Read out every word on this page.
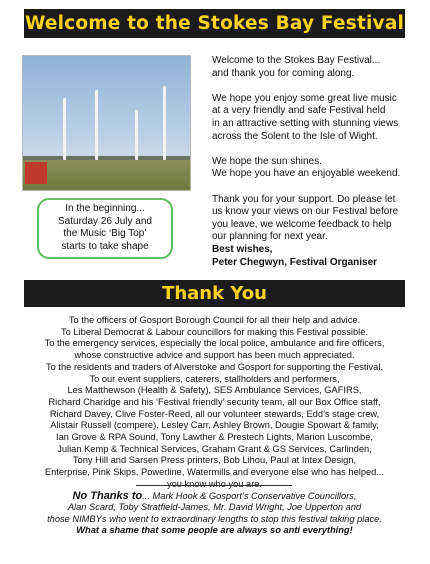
Welcome to the Stokes Bay Festival
In the beginning...
Saturday 26 July and
the Music ‘Big Top’
starts to take shape

Welcome to the Stokes Bay Festival...
and thank you for coming along.

We hope you enjoy some great live music
at a very friendly and safe Festival held
in an attractive setting with stunning views
across the Solent to the Isle of Wight.

We hope the sun shines.
We hope you have an enjoyable weekend.

Thank you for your support. Do please let
us know your views on our Festival before
you leave, we welcome feedback to help
our planning for next year.
Best wishes,
Peter Chegwyn, Festival Organiser

Thank You
To the officers of Gosport Borough Council for all their help and advice.
To Liberal Democrat & Labour councillors for making this Festival possible.
To the emergency services, especially the local police, ambulance and fire officers,
whose constructive advice and support has been much appreciated.
To the residents and traders of Alverstoke and Gosport for supporting the Festival.
To our event suppliers, caterers, stallholders and performers,
Les Matthewson (Health & Safety), SES Ambulance Services, GAFIRS,
Richard Charidge and his ‘Festival friendly’ security team, all our Box Office staff,
Richard Davey, Clive Foster-Reed, all our volunteer stewards, Edd’s stage crew,
Alistair Russell (compere), Lesley Carr, Ashley Brown, Dougie Spowart & family,
Ian Grove & RPA Sound, Tony Lawther & Prestech Lights, Marion Luscombe,
Julian Kemp & Technical Services, Graham Grant & GS Services, Carlinden,
Tony Hill and Sarsen Press printers, Bob Lihou, Paul at Intex Design,
Enterprise, Pink Skips, Powerline, Watermills and everyone else who has helped...
you know who you are.
No Thanks to... Mark Hook & Gosport’s Conservative Councillors,
Alan Scard, Toby Stratfield-James, Mr. David Wright, Joe Upperton and
those NIMBYs who went to extraordinary lengths to stop this festival taking place.
What a shame that some people are always so anti everything!
